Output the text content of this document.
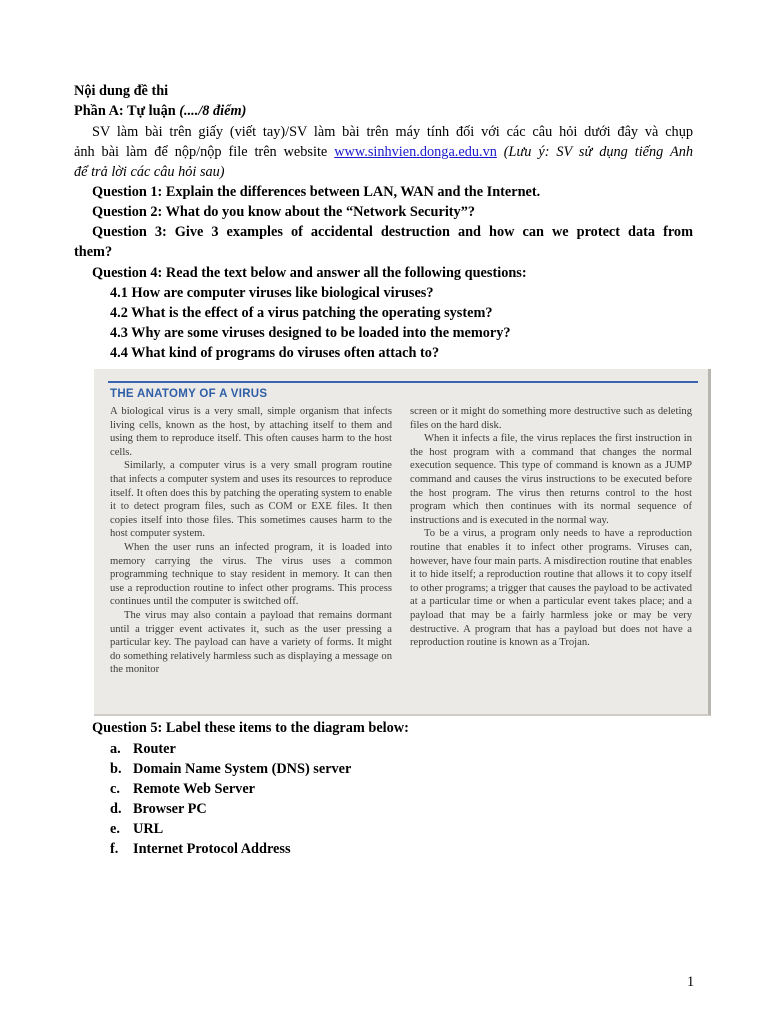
Nội dung đề thi
Phần A: Tự luận (..../8 điểm)
SV làm bài trên giấy (viết tay)/SV làm bài trên máy tính đối với các câu hỏi dưới đây và chụp
ảnh bài làm để nộp/nộp file trên website www.sinhvien.donga.edu.vn (Lưu ý: SV sử dụng tiếng Anh
để trả lời các câu hỏi sau)
Question 1: Explain the differences between LAN, WAN and the Internet.
Question 2: What do you know about the “Network Security”?
Question 3: Give 3 examples of accidental destruction and how can we protect data from
them?
Question 4: Read the text below and answer all the following questions:
4.1 How are computer viruses like biological viruses?
4.2 What is the effect of a virus patching the operating system?
4.3 Why are some viruses designed to be loaded into the memory?
4.4 What kind of programs do viruses often attach to?
THE ANATOMY OF A VIRUS

A biological virus is a very small, simple organism that infects living cells, known as the host, by attaching itself to them and using them to reproduce itself. This often causes harm to the host cells.

Similarly, a computer virus is a very small program routine that infects a computer system and uses its resources to reproduce itself. It often does this by patching the operating system to enable it to detect program files, such as COM or EXE files. It then copies itself into those files. This sometimes causes harm to the host computer system.

When the user runs an infected program, it is loaded into memory carrying the virus. The virus uses a common programming technique to stay resident in memory. It can then use a reproduction routine to infect other programs. This process continues until the computer is switched off.

The virus may also contain a payload that remains dormant until a trigger event activates it, such as the user pressing a particular key. The payload can have a variety of forms. It might do something relatively harmless such as displaying a message on the monitor

screen or it might do something more destructive such as deleting files on the hard disk.

When it infects a file, the virus replaces the first instruction in the host program with a command that changes the normal execution sequence. This type of command is known as a JUMP command and causes the virus instructions to be executed before the host program. The virus then returns control to the host program which then continues with its normal sequence of instructions and is executed in the normal way.

To be a virus, a program only needs to have a reproduction routine that enables it to infect other programs. Viruses can, however, have four main parts. A misdirection routine that enables it to hide itself; a reproduction routine that allows it to copy itself to other programs; a trigger that causes the payload to be activated at a particular time or when a particular event takes place; and a payload that may be a fairly harmless joke or may be very destructive. A program that has a payload but does not have a reproduction routine is known as a Trojan.

Question 5: Label these items to the diagram below:
a. Router
b. Domain Name System (DNS) server
c. Remote Web Server
d. Browser PC
e. URL
f. Internet Protocol Address
1
